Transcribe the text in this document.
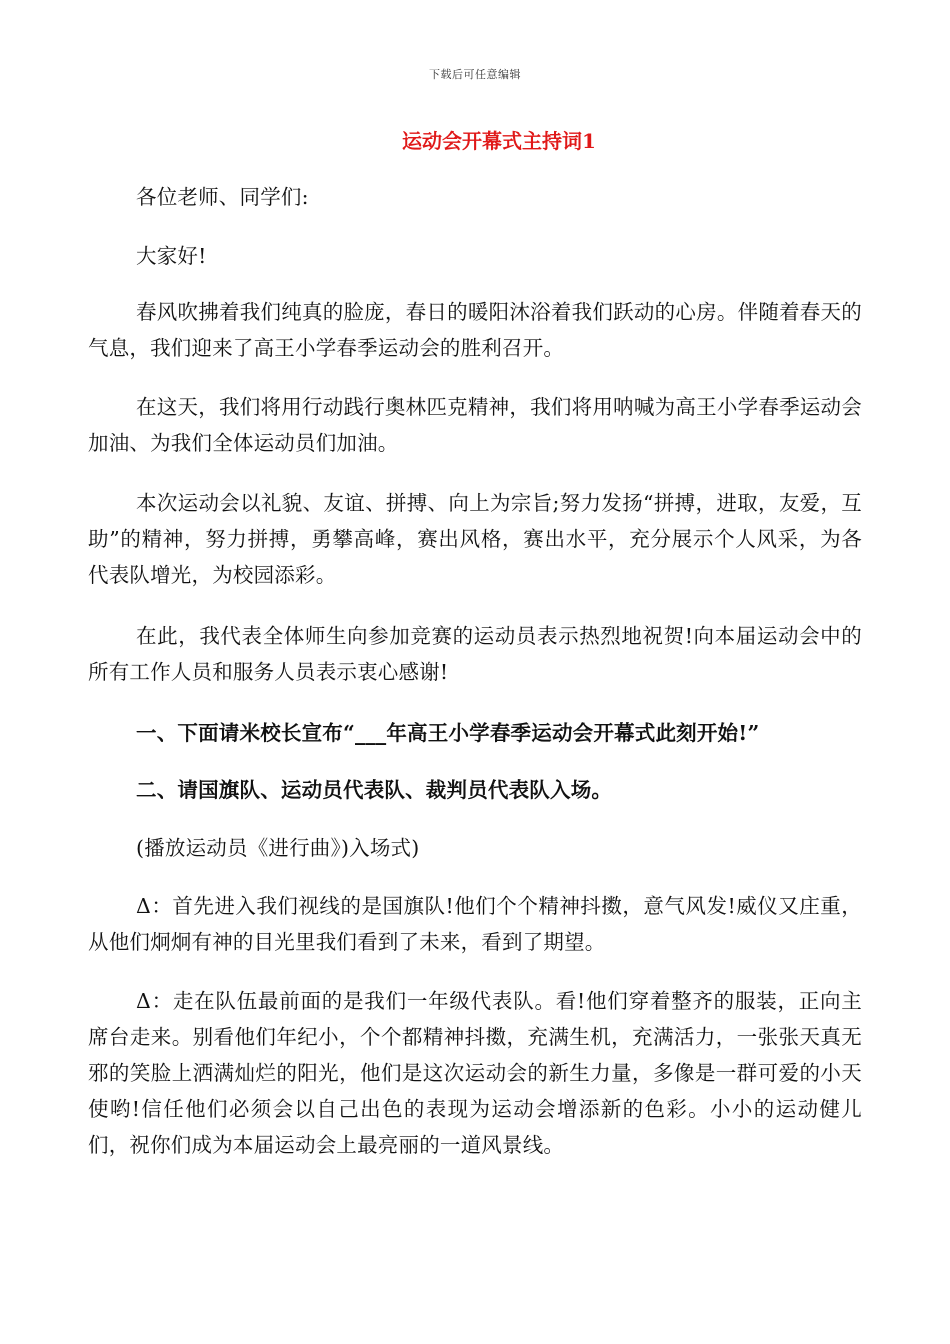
下载后可任意编辑
运动会开幕式主持词1

各位老师、同学们:

大家好!

春风吹拂着我们纯真的脸庞，春日的暖阳沐浴着我们跃动的心房。伴随着春天的气息，我们迎来了高王小学春季运动会的胜利召开。

在这天，我们将用行动践行奥林匹克精神，我们将用呐喊为高王小学春季运动会加油、为我们全体运动员们加油。

本次运动会以礼貌、友谊、拼搏、向上为宗旨;努力发扬“拼搏，进取，友爱，互助”的精神，努力拼搏，勇攀高峰，赛出风格，赛出水平，充分展示个人风采，为各代表队增光，为校园添彩。

在此，我代表全体师生向参加竞赛的运动员表示热烈地祝贺!向本届运动会中的所有工作人员和服务人员表示衷心感谢!

一、下面请米校长宣布“___年高王小学春季运动会开幕式此刻开始!”

二、请国旗队、运动员代表队、裁判员代表队入场。

(播放运动员《进行曲》)入场式)

Δ：首先进入我们视线的是国旗队!他们个个精神抖擞，意气风发!威仪又庄重，从他们炯炯有神的目光里我们看到了未来，看到了期望。

Δ：走在队伍最前面的是我们一年级代表队。看!他们穿着整齐的服装，正向主席台走来。别看他们年纪小，个个都精神抖擞，充满生机，充满活力，一张张天真无邪的笑脸上洒满灿烂的阳光，他们是这次运动会的新生力量，多像是一群可爱的小天使哟!信任他们必须会以自己出色的表现为运动会增添新的色彩。小小的运动健儿们，祝你们成为本届运动会上最亮丽的一道风景线。
